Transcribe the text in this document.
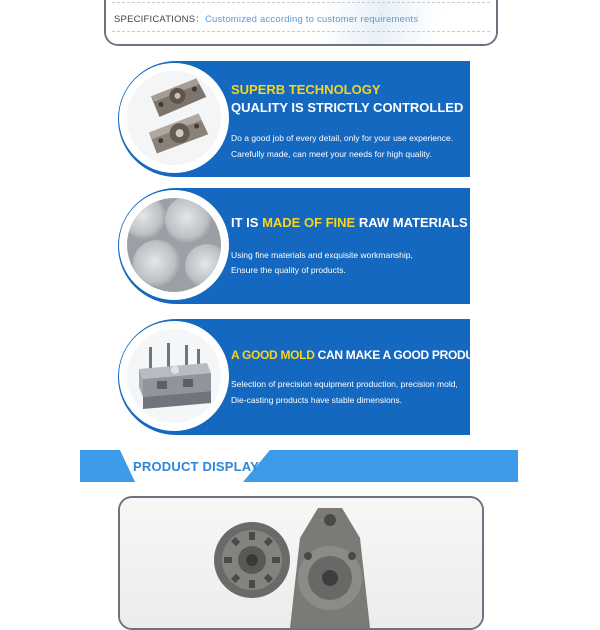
SPECIFICATIONS：Customized according to customer requirements
SUPERB TECHNOLOGY
QUALITY IS STRICTLY CONTROLLED
Do a good job of every detail, only for your use experience.
Carefully made, can meet your needs for high quality.
IT IS MADE OF FINE RAW MATERIALS
Using fine materials and exquisite workmanship,
Ensure the quality of products.
A GOOD MOLD CAN MAKE A GOOD PRODUCT
Selection of precision equipment production, precision mold,
Die-casting products have stable dimensions.
PRODUCT DISPLAY
